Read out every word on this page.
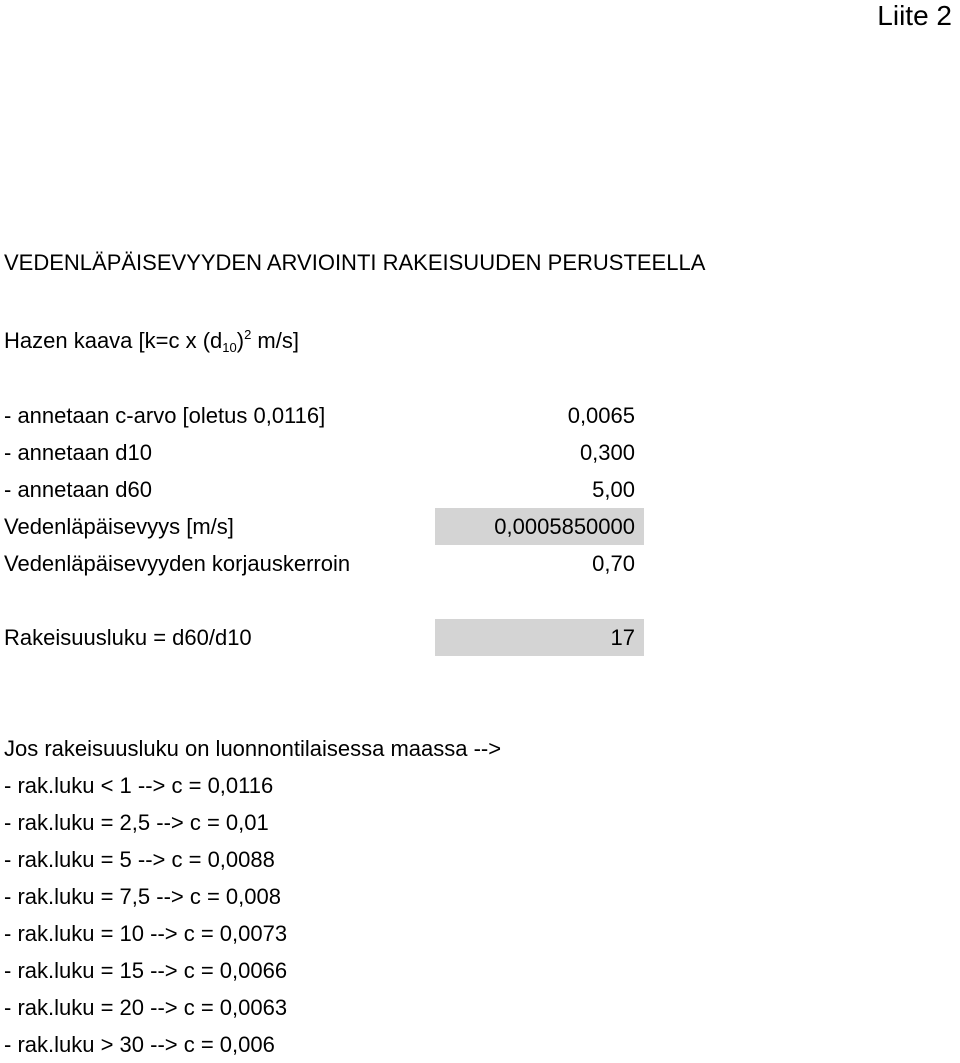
Liite 2
VEDENLÄPÄISEVYYDEN ARVIOINTI RAKEISUUDEN PERUSTEELLA
Hazen kaava [k=c x $(d_{10})^2$ m/s]
- annetaan c-arvo [oletus 0,0116]	0,0065
- annetaan d10	0,300
- annetaan d60	5,00
Vedenläpäisevyys [m/s]	0,0005850000
Vedenläpäisevyyden korjauskerroin	0,70
Rakeisuusluku = d60/d10	17
Jos rakeisuusluku on luonnontilaisessa maassa -->
- rak.luku < 1 --> c = 0,0116
- rak.luku = 2,5 --> c = 0,01
- rak.luku = 5 --> c = 0,0088
- rak.luku = 7,5 --> c = 0,008
- rak.luku = 10 --> c = 0,0073
- rak.luku = 15 --> c = 0,0066
- rak.luku = 20 --> c = 0,0063
- rak.luku > 30 --> c = 0,006
